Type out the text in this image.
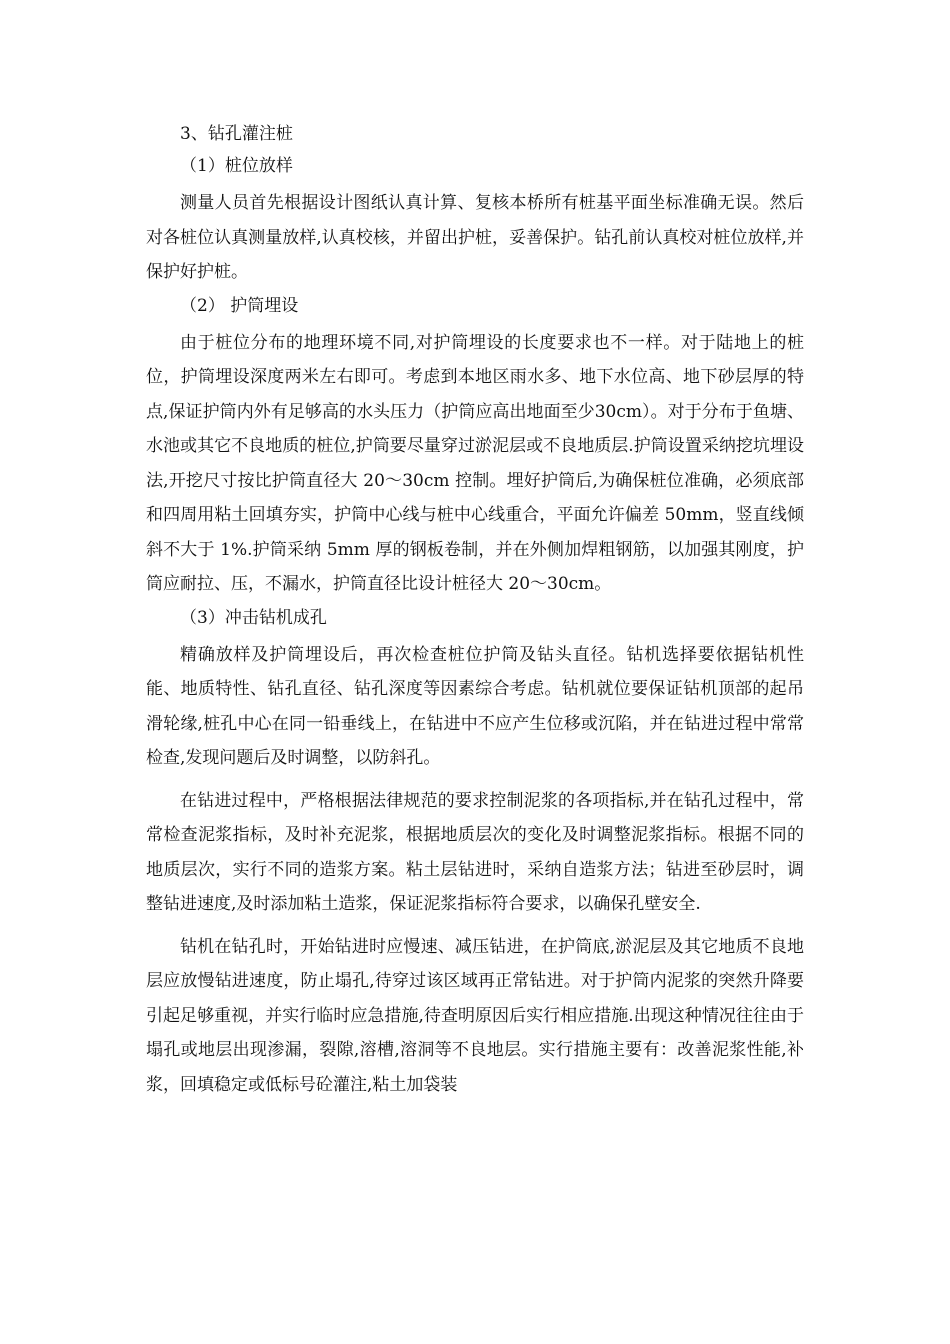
3、钻孔灌注桩

（1）桩位放样

测量人员首先根据设计图纸认真计算、复核本桥所有桩基平面坐标准确无误。然后对各桩位认真测量放样,认真校核，并留出护桩，妥善保护。钻孔前认真校对桩位放样,并保护好护桩。

（2） 护筒埋设

由于桩位分布的地理环境不同,对护筒埋设的长度要求也不一样。对于陆地上的桩位，护筒埋设深度两米左右即可。考虑到本地区雨水多、地下水位高、地下砂层厚的特点,保证护筒内外有足够高的水头压力（护筒应高出地面至少30cm）。对于分布于鱼塘、水池或其它不良地质的桩位,护筒要尽量穿过淤泥层或不良地质层.护筒设置采纳挖坑埋设法,开挖尺寸按比护筒直径大 20～30cm 控制。埋好护筒后,为确保桩位准确，必须底部和四周用粘土回填夯实，护筒中心线与桩中心线重合，平面允许偏差 50mm，竖直线倾斜不大于 1%.护筒采纳 5mm 厚的钢板卷制，并在外侧加焊粗钢筋，以加强其刚度，护筒应耐拉、压，不漏水，护筒直径比设计桩径大 20～30cm。

（3）冲击钻机成孔

精确放样及护筒埋设后，再次检查桩位护筒及钻头直径。钻机选择要依据钻机性能、地质特性、钻孔直径、钻孔深度等因素综合考虑。钻机就位要保证钻机顶部的起吊滑轮缘,桩孔中心在同一铅垂线上，在钻进中不应产生位移或沉陷，并在钻进过程中常常检查,发现问题后及时调整，以防斜孔。

在钻进过程中，严格根据法律规范的要求控制泥浆的各项指标,并在钻孔过程中，常常检查泥浆指标，及时补充泥浆，根据地质层次的变化及时调整泥浆指标。根据不同的地质层次，实行不同的造浆方案。粘土层钻进时，采纳自造浆方法；钻进至砂层时，调整钻进速度,及时添加粘土造浆，保证泥浆指标符合要求，以确保孔壁安全.

钻机在钻孔时，开始钻进时应慢速、减压钻进，在护筒底,淤泥层及其它地质不良地层应放慢钻进速度，防止塌孔,待穿过该区域再正常钻进。对于护筒内泥浆的突然升降要引起足够重视，并实行临时应急措施,待查明原因后实行相应措施.出现这种情况往往由于塌孔或地层出现渗漏，裂隙,溶槽,溶洞等不良地层。实行措施主要有：改善泥浆性能,补浆，回填稳定或低标号砼灌注,粘土加袋装
